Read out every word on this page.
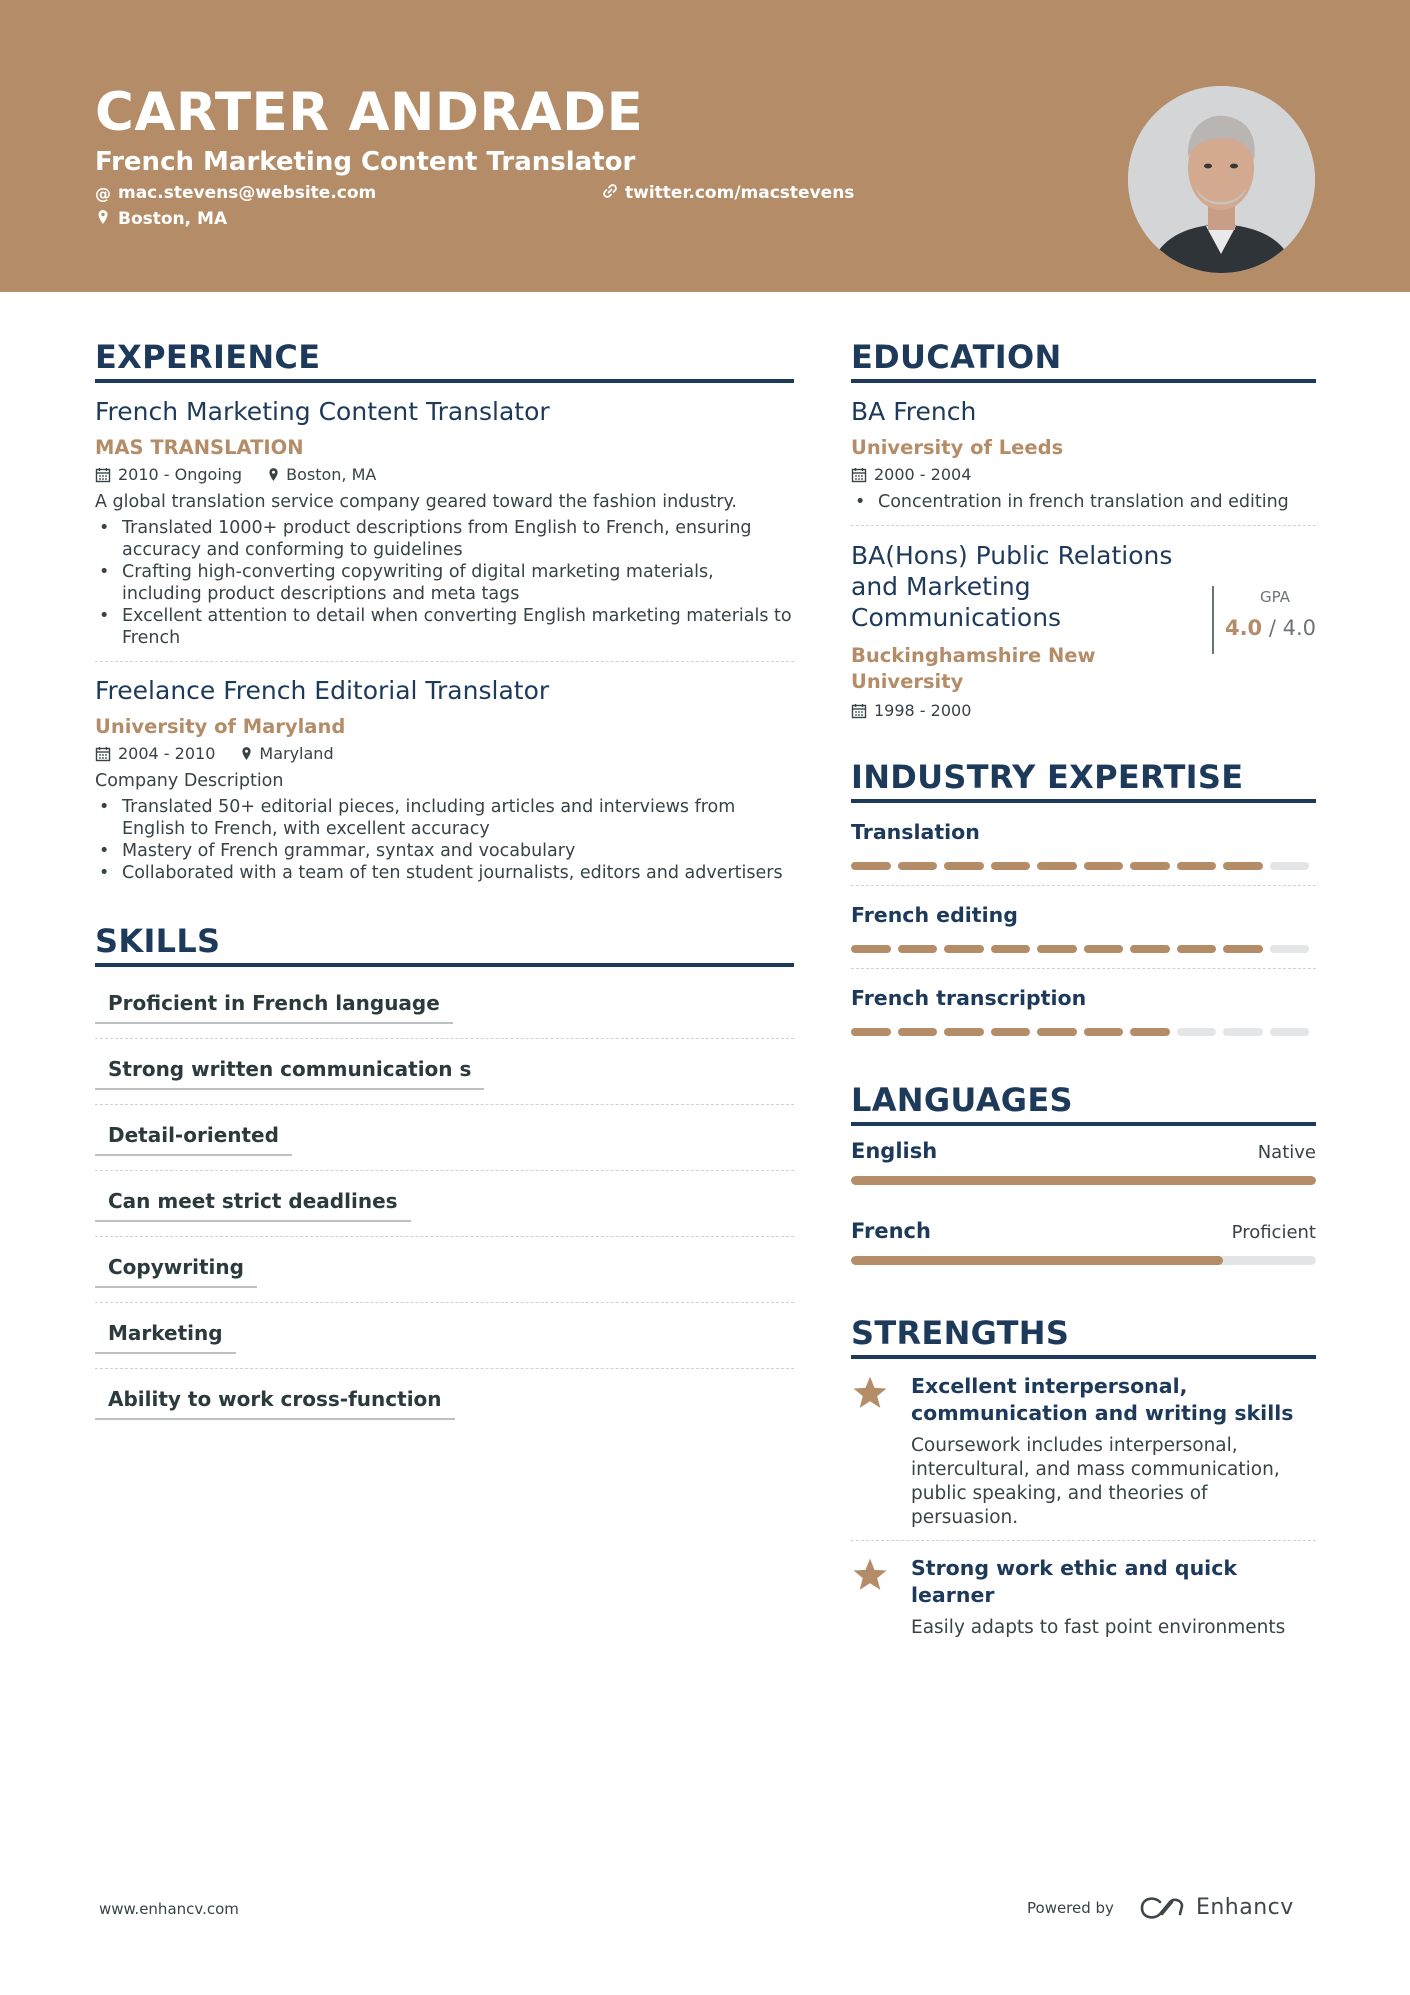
CARTER ANDRADE
French Marketing Content Translator
@ mac.stevens@website.com	twitter.com/macstevens
Boston, MA
EXPERIENCE
French Marketing Content Translator
MAS TRANSLATION
2010 - Ongoing	Boston, MA
A global translation service company geared toward the fashion industry.
• Translated 1000+ product descriptions from English to French, ensuring accuracy and conforming to guidelines
• Crafting high-converting copywriting of digital marketing materials, including product descriptions and meta tags
• Excellent attention to detail when converting English marketing materials to French
Freelance French Editorial Translator
University of Maryland
2004 - 2010	Maryland
Company Description
• Translated 50+ editorial pieces, including articles and interviews from English to French, with excellent accuracy
• Mastery of French grammar, syntax and vocabulary
• Collaborated with a team of ten student journalists, editors and advertisers
SKILLS
Proficient in French language
Strong written communication s
Detail-oriented
Can meet strict deadlines
Copywriting
Marketing
Ability to work cross-function
EDUCATION
BA French
University of Leeds
2000 - 2004
• Concentration in french translation and editing
BA(Hons) Public Relations and Marketing Communications
Buckinghamshire New University
1998 - 2000
GPA
4.0 / 4.0
INDUSTRY EXPERTISE
Translation
French editing
French transcription
LANGUAGES
English	Native
French	Proficient
STRENGTHS
Excellent interpersonal, communication and writing skills
Coursework includes interpersonal, intercultural, and mass communication, public speaking, and theories of persuasion.
Strong work ethic and quick learner
Easily adapts to fast point environments
www.enhancv.com	Powered by	Enhancv
